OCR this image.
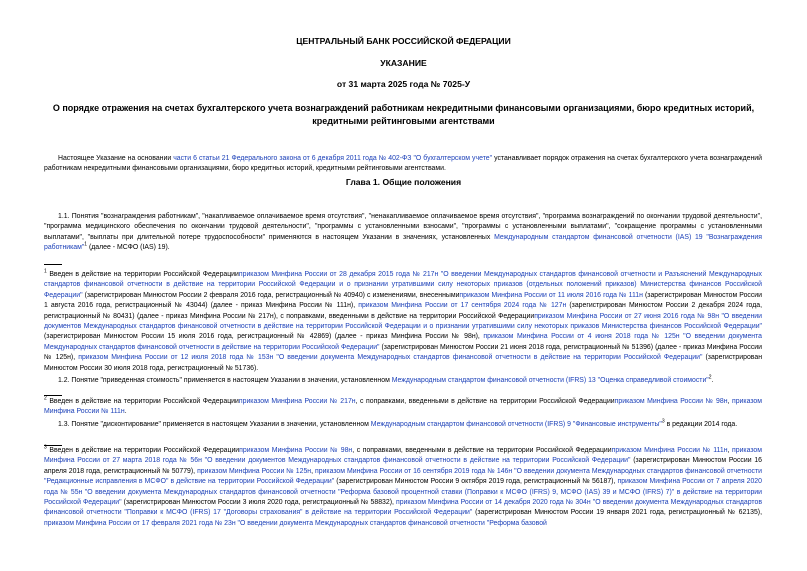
ЦЕНТРАЛЬНЫЙ БАНК РОССИЙСКОЙ ФЕДЕРАЦИИ
УКАЗАНИЕ
от 31 марта 2025 года № 7025-У
О порядке отражения на счетах бухгалтерского учета вознаграждений работникам некредитными финансовыми организациями, бюро кредитных историй, кредитными рейтинговыми агентствами

Настоящее Указание на основании части 6 статьи 21 Федерального закона от 6 декабря 2011 года № 402-ФЗ "О бухгалтерском учете" устанавливает порядок отражения на счетах бухгалтерского учета вознаграждений работникам некредитными финансовыми организациями, бюро кредитных историй, кредитными рейтинговыми агентствами.

Глава 1. Общие положения

1.1. Понятия "вознаграждения работникам", "накапливаемое оплачиваемое время отсутствия", "ненакапливаемое оплачиваемое время отсутствия", "программа вознаграждений по окончании трудовой деятельности", "программа медицинского обеспечения по окончании трудовой деятельности", "программы с установленными взносами", "программы с установленными выплатами", "сокращение программы с установленными выплатами", "выплаты при длительной потере трудоспособности" применяются в настоящем Указании в значениях, установленных Международным стандартом финансовой отчетности (IAS) 19 "Вознаграждения работникам"$^1$ (далее - МСФО (IAS) 19).

$^1$ Введен в действие на территории Российской Федерацииприказом Минфина России от 28 декабря 2015 года № 217н "О введении Международных стандартов финансовой отчетности и Разъяснений Международных стандартов финансовой отчетности в действие на территории Российской Федерации и о признании утратившими силу некоторых приказов (отдельных положений приказов) Министерства финансов Российской Федерации" (зарегистрирован Минюстом России 2 февраля 2016 года, регистрационный № 40940) с изменениями, внесеннымиприказом Минфина России от 11 июля 2016 года № 111н (зарегистрирован Минюстом России 1 августа 2016 года, регистрационный № 43044) (далее - приказ Минфина России № 111н), приказом Минфина России от 17 сентября 2024 года № 127н (зарегистрирован Минюстом России 2 декабря 2024 года, регистрационный № 80431) (далее - приказ Минфина России № 217н), с поправками, введенными в действие на территории Российской Федерацииприказом Минфина России от 27 июня 2016 года № 98н "О введении документов Международных стандартов финансовой отчетности в действие на территории Российской Федерации и о признании утратившими силу некоторых приказов Министерства финансов Российской Федерации" (зарегистрирован Минюстом России 15 июля 2016 года, регистрационный № 42869) (далее - приказ Минфина России № 98н), приказом Минфина России от 4 июня 2018 года № 125н "О введении документа Международных стандартов финансовой отчетности в действие на территории Российской Федерации" (зарегистрирован Минюстом России 21 июня 2018 года, регистрационный № 51396) (далее - приказ Минфина России № 125н), приказом Минфина России от 12 июля 2018 года № 153н "О введении документа Международных стандартов финансовой отчетности в действие на территории Российской Федерации" (зарегистрирован Минюстом России 30 июля 2018 года, регистрационный № 51736).

1.2. Понятие "приведенная стоимость" применяется в настоящем Указании в значении, установленном Международным стандартом финансовой отчетности (IFRS) 13 "Оценка справедливой стоимости"$^2$.

$^2$ Введен в действие на территории Российской Федерацииприказом Минфина России № 217н, с поправками, введенными в действие на территории Российской Федерацииприказом Минфина России № 98н, приказом Минфина России № 111н.

1.3. Понятие "дисконтирование" применяется в настоящем Указании в значении, установленном Международным стандартом финансовой отчетности (IFRS) 9 "Финансовые инструменты"$^3$ в редакции 2014 года.

$^3$ Введен в действие на территории Российской Федерацииприказом Минфина России № 98н, с поправками, введенными в действие на территории Российской Федерацииприказом Минфина России № 111н, приказом Минфина России от 27 марта 2018 года № 56н "О введении документов Международных стандартов финансовой отчетности в действие на территории Российской Федерации" (зарегистрирован Минюстом России 16 апреля 2018 года, регистрационный № 50779), приказом Минфина России № 125н, приказом Минфина России от 16 сентября 2019 года № 146н "О введении документа Международных стандартов финансовой отчетности "Редакционные исправления в МСФО" в действие на территории Российской Федерации" (зарегистрирован Минюстом России 9 октября 2019 года, регистрационный № 56187), приказом Минфина России от 7 апреля 2020 года № 55н "О введении документа Международных стандартов финансовой отчетности "Реформа базовой процентной ставки (Поправки к МСФО (IFRS) 9, МСФО (IAS) 39 и МСФО (IFRS) 7)" в действие на территории Российской Федерации" (зарегистрирован Минюстом России 3 июля 2020 года, регистрационный № 58832), приказом Минфина России от 14 декабря 2020 года № 304н "О введении документа Международных стандартов финансовой отчетности "Поправки к МСФО (IFRS) 17 "Договоры страхования" в действие на территории Российской Федерации" (зарегистрирован Минюстом России 19 января 2021 года, регистрационный № 62135), приказом Минфина России от 17 февраля 2021 года № 23н "О введении документа Международных стандартов финансовой отчетности "Реформа базовой
